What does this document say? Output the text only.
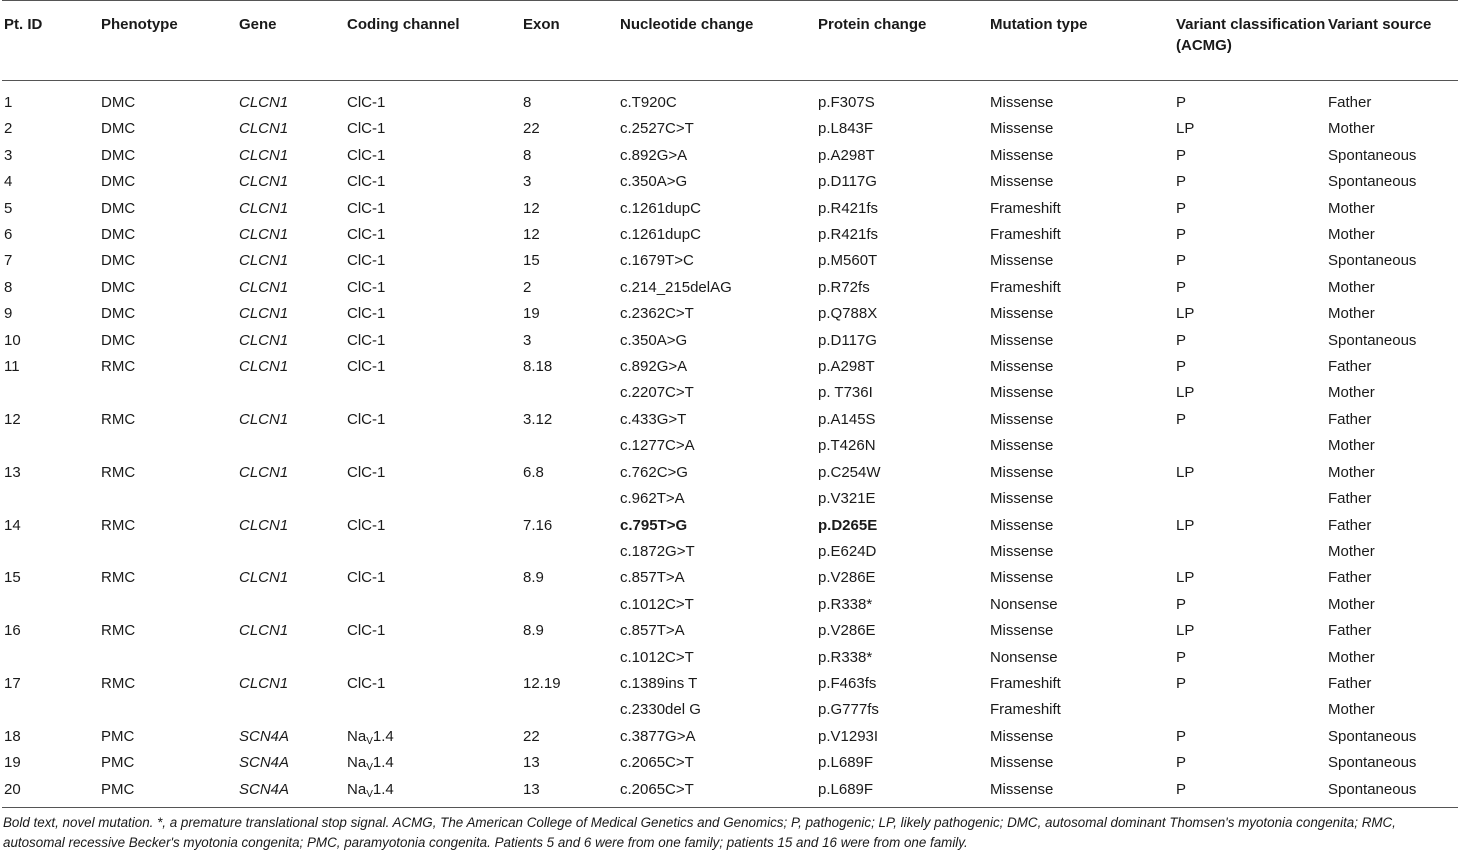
Pt. ID	Phenotype	Gene	Coding channel	Exon	Nucleotide change	Protein change	Mutation type	Variant classification (ACMG)	Variant source
1	DMC	CLCN1	ClC-1	8	c.T920C	p.F307S	Missense	P	Father
2	DMC	CLCN1	ClC-1	22	c.2527C>T	p.L843F	Missense	LP	Mother
3	DMC	CLCN1	ClC-1	8	c.892G>A	p.A298T	Missense	P	Spontaneous
4	DMC	CLCN1	ClC-1	3	c.350A>G	p.D117G	Missense	P	Spontaneous
5	DMC	CLCN1	ClC-1	12	c.1261dupC	p.R421fs	Frameshift	P	Mother
6	DMC	CLCN1	ClC-1	12	c.1261dupC	p.R421fs	Frameshift	P	Mother
7	DMC	CLCN1	ClC-1	15	c.1679T>C	p.M560T	Missense	P	Spontaneous
8	DMC	CLCN1	ClC-1	2	c.214_215delAG	p.R72fs	Frameshift	P	Mother
9	DMC	CLCN1	ClC-1	19	c.2362C>T	p.Q788X	Missense	LP	Mother
10	DMC	CLCN1	ClC-1	3	c.350A>G	p.D117G	Missense	P	Spontaneous
11	RMC	CLCN1	ClC-1	8.18	c.892G>A	p.A298T	Missense	P	Father
					c.2207C>T	p. T736I	Missense	LP	Mother
12	RMC	CLCN1	ClC-1	3.12	c.433G>T	p.A145S	Missense	P	Father
					c.1277C>A	p.T426N	Missense		Mother
13	RMC	CLCN1	ClC-1	6.8	c.762C>G	p.C254W	Missense	LP	Mother
					c.962T>A	p.V321E	Missense		Father
14	RMC	CLCN1	ClC-1	7.16	c.795T>G	p.D265E	Missense	LP	Father
					c.1872G>T	p.E624D	Missense		Mother
15	RMC	CLCN1	ClC-1	8.9	c.857T>A	p.V286E	Missense	LP	Father
					c.1012C>T	p.R338*	Nonsense	P	Mother
16	RMC	CLCN1	ClC-1	8.9	c.857T>A	p.V286E	Missense	LP	Father
					c.1012C>T	p.R338*	Nonsense	P	Mother
17	RMC	CLCN1	ClC-1	12.19	c.1389ins T	p.F463fs	Frameshift	P	Father
					c.2330del G	p.G777fs	Frameshift		Mother
18	PMC	SCN4A	$Na_V1.4$	22	c.3877G>A	p.V1293I	Missense	P	Spontaneous
19	PMC	SCN4A	$Na_V1.4$	13	c.2065C>T	p.L689F	Missense	P	Spontaneous
20	PMC	SCN4A	$Na_V1.4$	13	c.2065C>T	p.L689F	Missense	P	Spontaneous
Bold text, novel mutation. *, a premature translational stop signal. ACMG, The American College of Medical Genetics and Genomics; P, pathogenic; LP, likely pathogenic; DMC, autosomal dominant Thomsen's myotonia congenita; RMC, autosomal recessive Becker's myotonia congenita; PMC, paramyotonia congenita. Patients 5 and 6 were from one family; patients 15 and 16 were from one family.
